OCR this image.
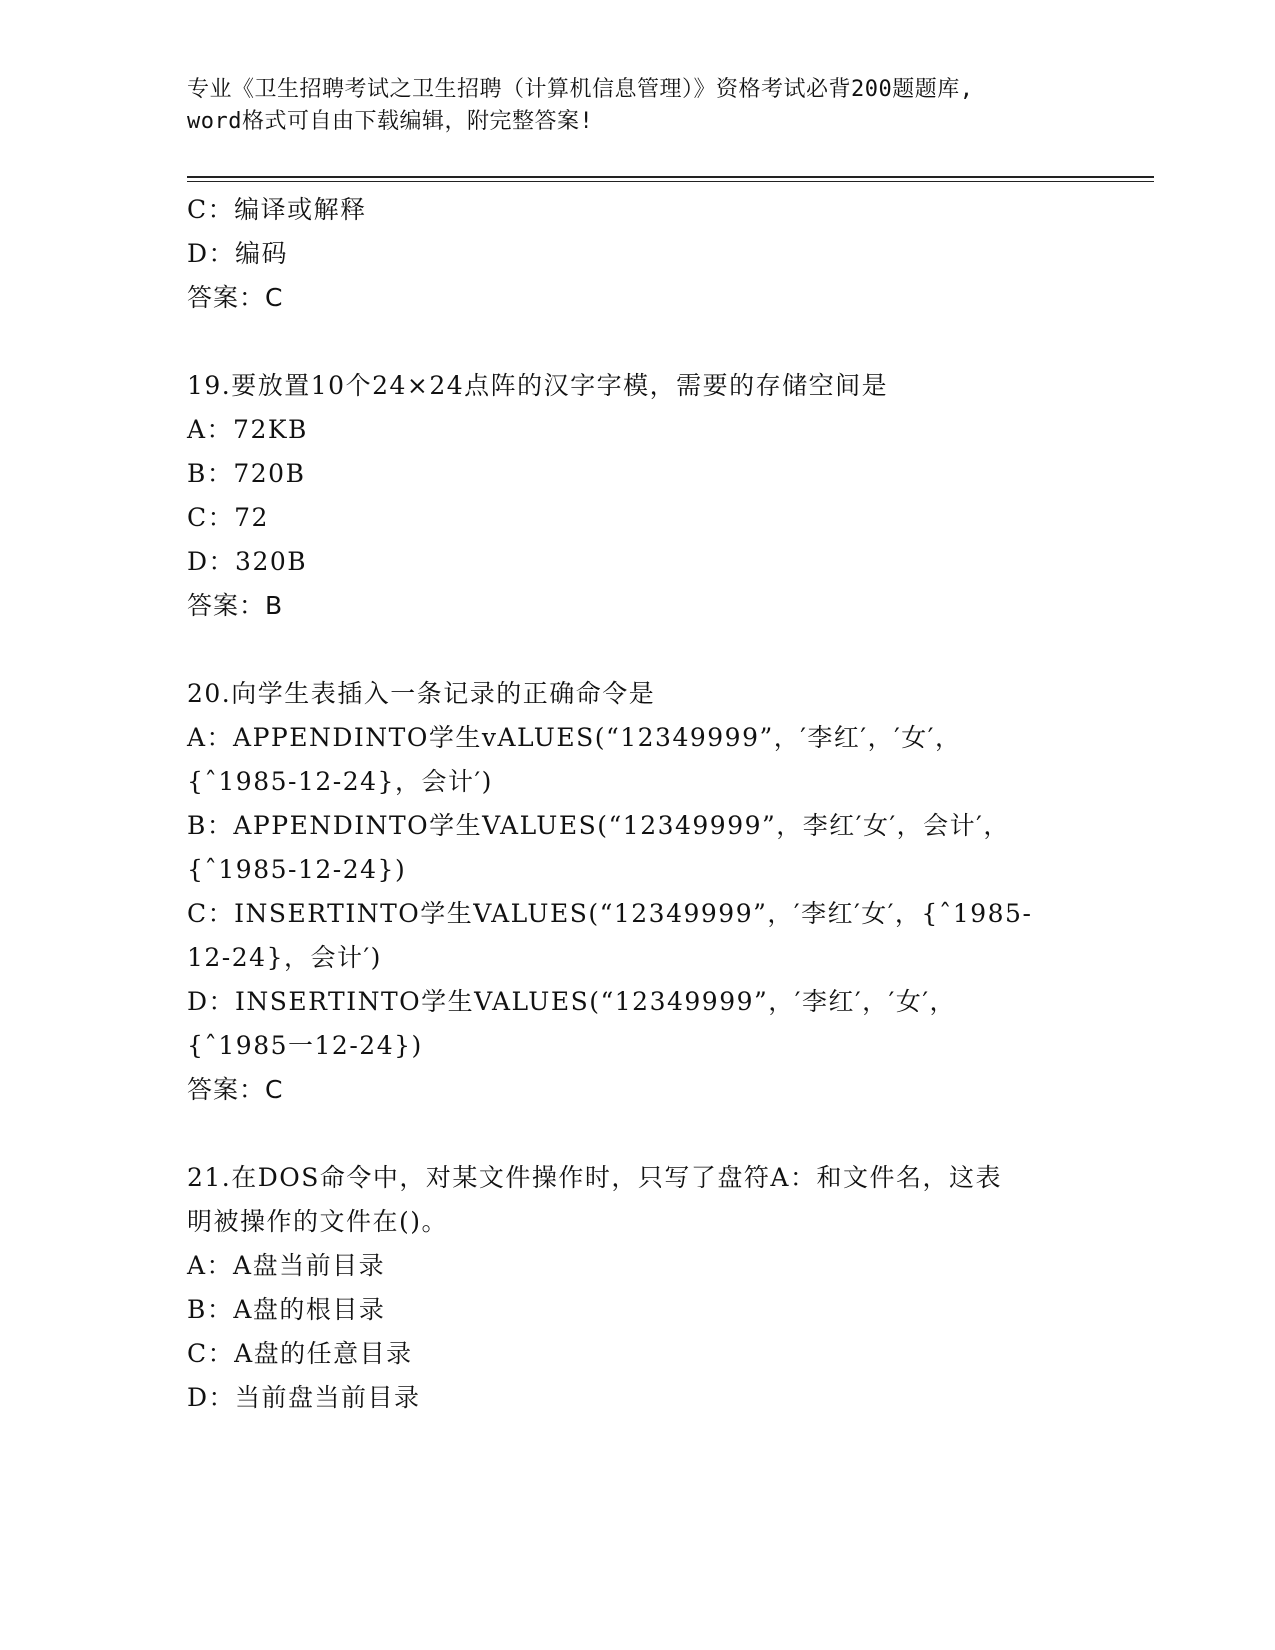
专业《卫生招聘考试之卫生招聘（计算机信息管理）》资格考试必背200题题库,
word格式可自由下载编辑，附完整答案!
C：编译或解释
D：编码
答案：C
19.要放置10个24×24点阵的汉字字模，需要的存储空间是
A：72KB
B：720B
C：72
D：320B
答案：B
20.向学生表插入一条记录的正确命令是
A：APPENDINTO学生vALUES(“12349999”，′李红′，′女′，
{ˆ1985-12-24}，会计′)
B：APPENDINTO学生VALUES(“12349999”，李红′女′，会计′，
{ˆ1985-12-24})
C：INSERTINTO学生VALUES(“12349999”，′李红′女′，{ˆ1985-
12-24}，会计′)
D：INSERTINTO学生VALUES(“12349999”，′李红′，′女′，
{ˆ1985一12-24})
答案：C
21.在DOS命令中，对某文件操作时，只写了盘符A：和文件名，这表
明被操作的文件在()。
A：A盘当前目录
B：A盘的根目录
C：A盘的任意目录
D：当前盘当前目录
